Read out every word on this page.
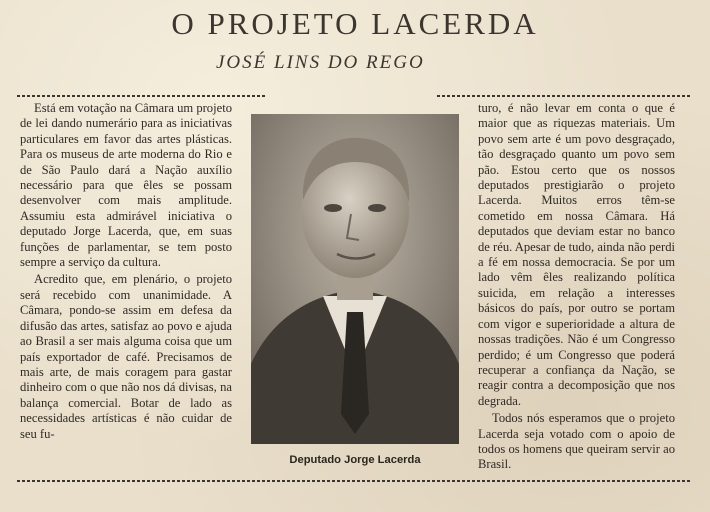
O PROJETO LACERDA
JOSÉ LINS DO REGO

Está em votação na Câmara um projeto de lei dando numerário para as iniciativas particulares em favor das artes plásticas. Para os museus de arte moderna do Rio e de São Paulo dará a Nação auxílio necessário para que êles se possam desenvolver com mais amplitude. Assumiu esta admirável iniciativa o deputado Jorge Lacerda, que, em suas funções de parlamentar, se tem posto sempre a serviço da cultura.

Acredito que, em plenário, o projeto será recebido com unanimidade. A Câmara, pondo-se assim em defesa da difusão das artes, satisfaz ao povo e ajuda ao Brasil a ser mais alguma coisa que um país exportador de café. Precisamos de mais arte, de mais coragem para gastar dinheiro com o que não nos dá divisas, na balança comercial. Botar de lado as necessidades artísticas é não cuidar de seu fu-

Deputado Jorge Lacerda

turo, é não levar em conta o que é maior que as riquezas materiais. Um povo sem arte é um povo desgraçado, tão desgraçado quanto um povo sem pão. Estou certo que os nossos deputados prestigiarão o projeto Lacerda. Muitos erros têm-se cometido em nossa Câmara. Há deputados que deviam estar no banco de réu. Apesar de tudo, ainda não perdi a fé em nossa democracia. Se por um lado vêm êles realizando política suicida, em relação a interesses básicos do país, por outro se portam com vigor e superioridade a altura de nossas tradições. Não é um Congresso perdido; é um Congresso que poderá recuperar a confiança da Nação, se reagir contra a decomposição que nos degrada.

Todos nós esperamos que o projeto Lacerda seja votado com o apoio de todos os homens que queiram servir ao Brasil.
